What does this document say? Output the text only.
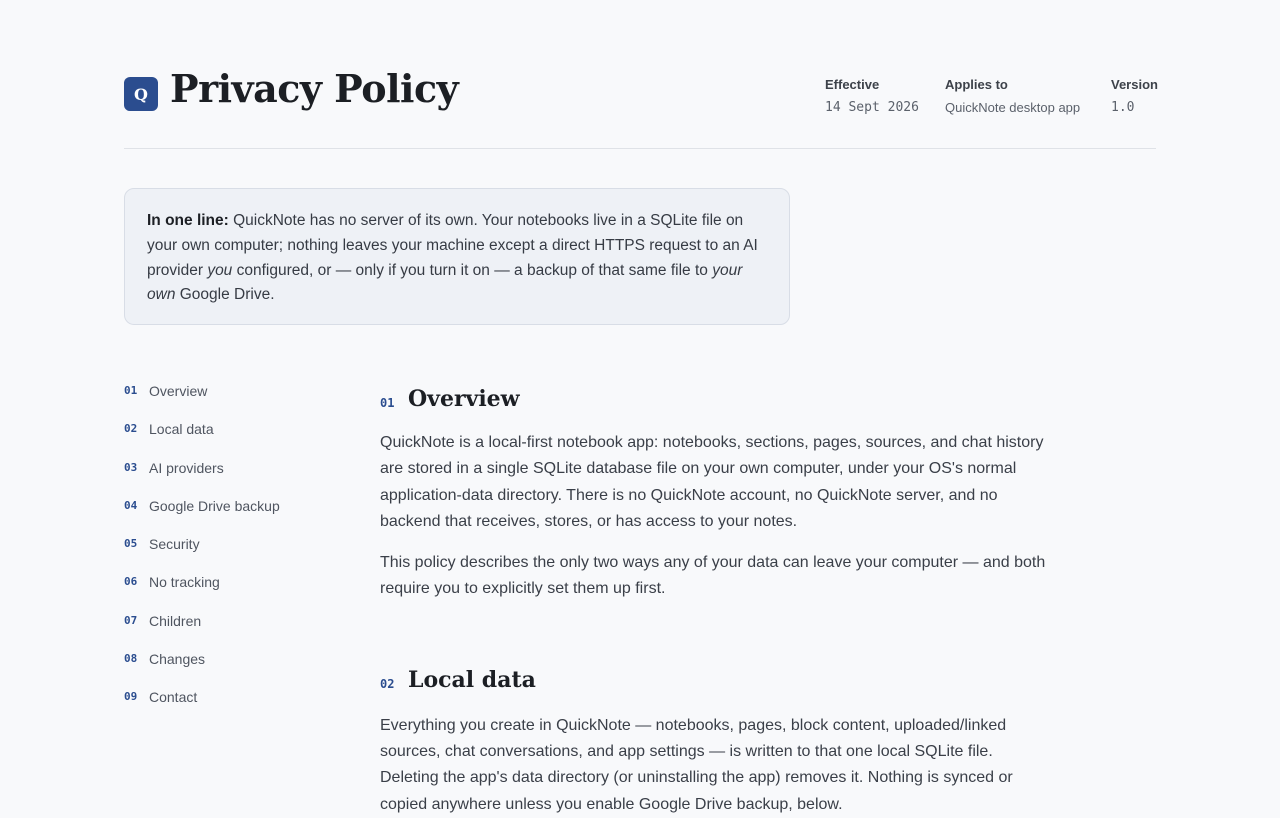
Q Privacy Policy	Effective
14 Sept 2026
Applies to
QuickNote desktop app
Version
1.0
In one line: QuickNote has no server of its own. Your notebooks live in a SQLite file on your own computer; nothing leaves your machine except a direct HTTPS request to an AI provider you configured, or — only if you turn it on — a backup of that same file to your own Google Drive.
01 Overview
02 Local data
03 AI providers
04 Google Drive backup
05 Security
06 No tracking
07 Children
08 Changes
09 Contact
01 Overview

QuickNote is a local-first notebook app: notebooks, sections, pages, sources, and chat history are stored in a single SQLite database file on your own computer, under your OS's normal application-data directory. There is no QuickNote account, no QuickNote server, and no backend that receives, stores, or has access to your notes.

This policy describes the only two ways any of your data can leave your computer — and both require you to explicitly set them up first.

02 Local data

Everything you create in QuickNote — notebooks, pages, block content, uploaded/linked sources, chat conversations, and app settings — is written to that one local SQLite file. Deleting the app's data directory (or uninstalling the app) removes it. Nothing is synced or copied anywhere unless you enable Google Drive backup, below.
